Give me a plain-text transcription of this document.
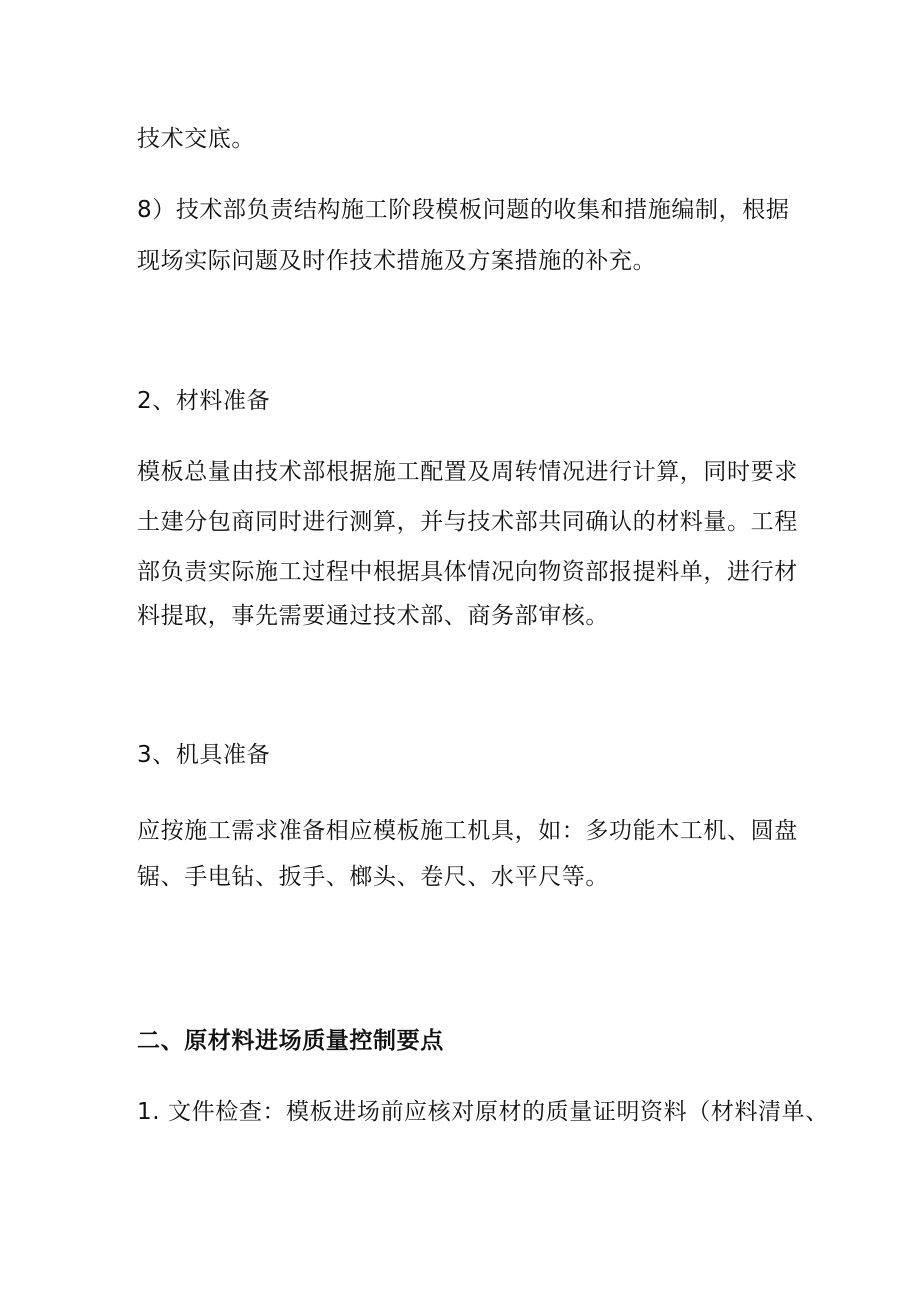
技术交底。

8）技术部负责结构施工阶段模板问题的收集和措施编制，根据

现场实际问题及时作技术措施及方案措施的补充。

2、材料准备

模板总量由技术部根据施工配置及周转情况进行计算，同时要求

土建分包商同时进行测算，并与技术部共同确认的材料量。工程

部负责实际施工过程中根据具体情况向物资部报提料单，进行材

料提取，事先需要通过技术部、商务部审核。

3、机具准备

应按施工需求准备相应模板施工机具，如：多功能木工机、圆盘

锯、手电钻、扳手、榔头、卷尺、水平尺等。

二、原材料进场质量控制要点

1. 文件检查：模板进场前应核对原材的质量证明资料（材料清单、
